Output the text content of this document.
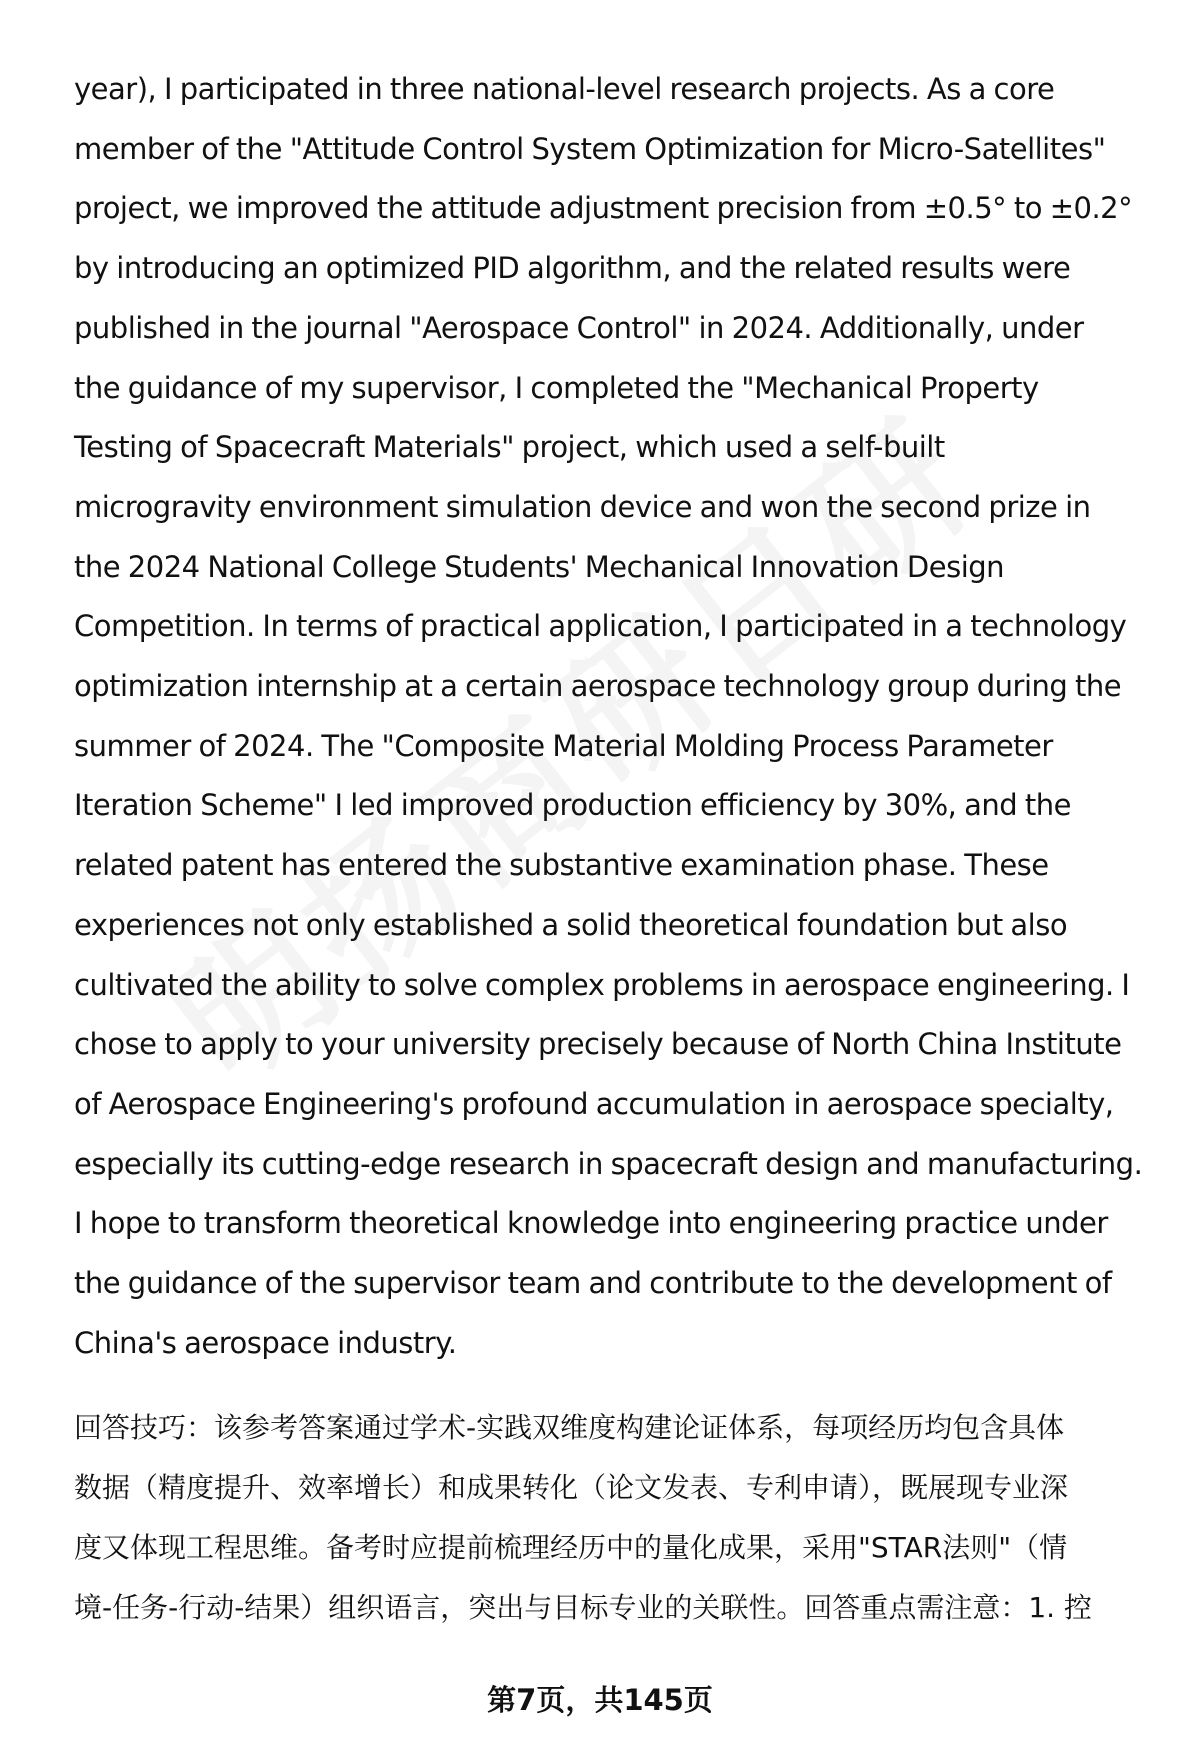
year), I participated in three national-level research projects. As a core
member of the "Attitude Control System Optimization for Micro-Satellites"
project, we improved the attitude adjustment precision from ±0.5° to ±0.2°
by introducing an optimized PID algorithm, and the related results were
published in the journal "Aerospace Control" in 2024. Additionally, under
the guidance of my supervisor, I completed the "Mechanical Property
Testing of Spacecraft Materials" project, which used a self-built
microgravity environment simulation device and won the second prize in
the 2024 National College Students' Mechanical Innovation Design
Competition. In terms of practical application, I participated in a technology
optimization internship at a certain aerospace technology group during the
summer of 2024. The "Composite Material Molding Process Parameter
Iteration Scheme" I led improved production efficiency by 30%, and the
related patent has entered the substantive examination phase. These
experiences not only established a solid theoretical foundation but also
cultivated the ability to solve complex problems in aerospace engineering. I
chose to apply to your university precisely because of North China Institute
of Aerospace Engineering's profound accumulation in aerospace specialty,
especially its cutting-edge research in spacecraft design and manufacturing.
I hope to transform theoretical knowledge into engineering practice under
the guidance of the supervisor team and contribute to the development of
China's aerospace industry.
回答技巧：该参考答案通过学术-实践双维度构建论证体系，每项经历均包含具体
数据（精度提升、效率增长）和成果转化（论文发表、专利申请），既展现专业深
度又体现工程思维。备考时应提前梳理经历中的量化成果，采用"STAR法则"（情
境-任务-行动-结果）组织语言，突出与目标专业的关联性。回答重点需注意：1. 控
第7页，共145页
